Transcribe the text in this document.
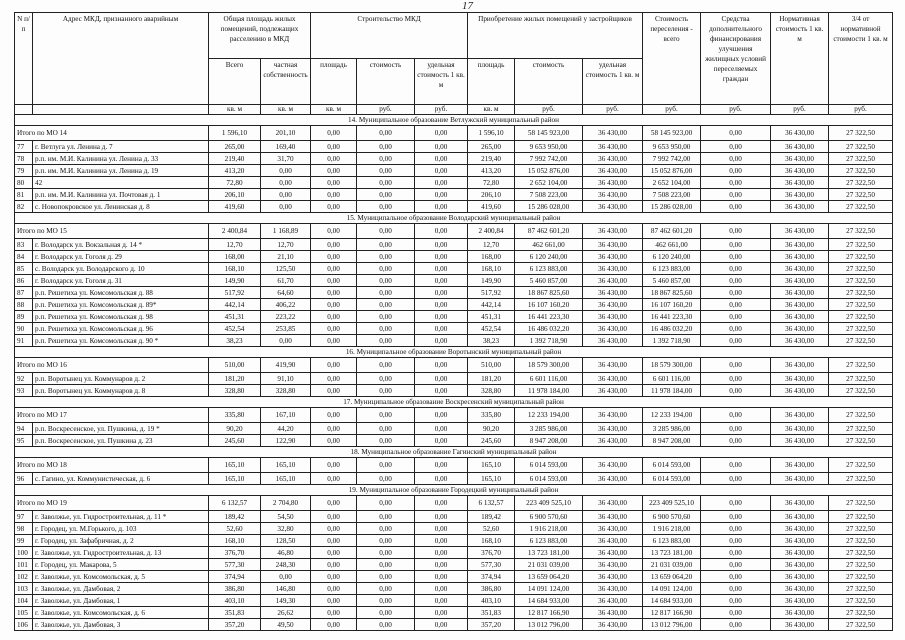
17
N п/п	Адрес МКД, признанного аварийным	Общая площадь жилых помещений, подлежащих расселению в МКД		Строительство МКД			Приобретение жилых помещений у застройщиков			Стоимость переселения - всего	Средства дополнительного финансирования улучшения жилищных условий переселяемых граждан	Нормативная стоимость 1 кв. м	3/4 от нормативной стоимости 1 кв. м
		Всего	частная собственность	площадь	стоимость	удельная стоимость 1 кв. м	площадь	стоимость	удельная стоимость 1 кв. м				
		кв. м	кв. м	кв. м	руб.	руб.	кв. м	руб.	руб.	руб.	руб.	руб.	руб.
14. Муниципальное образование Ветлужский муниципальный район													
Итого по МО 14		1 596,10	201,10	0,00	0,00	0,00	1 596,10	58 145 923,00	36 430,00	58 145 923,00	0,00	36 430,00	27 322,50
77	г. Ветлуга ул. Ленина д. 7	265,00	169,40	0,00	0,00	0,00	265,00	9 653 950,00	36 430,00	9 653 950,00	0,00	36 430,00	27 322,50
78	р.п. им. М.И. Калинина ул. Ленина д. 33	219,40	31,70	0,00	0,00	0,00	219,40	7 992 742,00	36 430,00	7 992 742,00	0,00	36 430,00	27 322,50
79	р.п. им. М.И. Калинина ул. Ленина д. 19	413,20	0,00	0,00	0,00	0,00	413,20	15 052 876,00	36 430,00	15 052 876,00	0,00	36 430,00	27 322,50
80	42	72,80	0,00	0,00	0,00	0,00	72,80	2 652 104,00	36 430,00	2 652 104,00	0,00	36 430,00	27 322,50
81	р.п. им. М.И. Калинина ул. Почтовая д. 1	206,10	0,00	0,00	0,00	0,00	206,10	7 508 223,00	36 430,00	7 508 223,00	0,00	36 430,00	27 322,50
82	с. Новопокровское ул. Ленинская д. 8	419,60	0,00	0,00	0,00	0,00	419,60	15 286 028,00	36 430,00	15 286 028,00	0,00	36 430,00	27 322,50
15. Муниципальное образование Володарский муниципальный район													
Итого по МО 15		2 400,84	1 168,89	0,00	0,00	0,00	2 400,84	87 462 601,20	36 430,00	87 462 601,20	0,00	36 430,00	27 322,50
83	г. Володарск ул. Вокзальная д. 14 *	12,70	12,70	0,00	0,00	0,00	12,70	462 661,00	36 430,00	462 661,00	0,00	36 430,00	27 322,50
84	г. Володарск ул. Гоголя д. 29	168,00	21,10	0,00	0,00	0,00	168,00	6 120 240,00	36 430,00	6 120 240,00	0,00	36 430,00	27 322,50
85	с. Володарск ул. Володарского д. 10	168,10	125,50	0,00	0,00	0,00	168,10	6 123 883,00	36 430,00	6 123 883,00	0,00	36 430,00	27 322,50
86	г. Володарск ул. Гоголя д. 31	149,90	61,70	0,00	0,00	0,00	149,90	5 460 857,00	36 430,00	5 460 857,00	0,00	36 430,00	27 322,50
87	р.п. Решетиха ул. Комсомольская д. 88	517,92	64,60	0,00	0,00	0,00	517,92	18 867 825,60	36 430,00	18 867 825,60	0,00	36 430,00	27 322,50
88	р.п. Решетиха ул. Комсомольская д. 89*	442,14	406,22	0,00	0,00	0,00	442,14	16 107 160,20	36 430,00	16 107 160,20	0,00	36 430,00	27 322,50
89	р.п. Решетиха ул. Комсомольская д. 98	451,31	223,22	0,00	0,00	0,00	451,31	16 441 223,30	36 430,00	16 441 223,30	0,00	36 430,00	27 322,50
90	р.п. Решетиха ул. Комсомольская д. 96	452,54	253,85	0,00	0,00	0,00	452,54	16 486 032,20	36 430,00	16 486 032,20	0,00	36 430,00	27 322,50
91	р.п. Решетиха ул. Комсомольская д. 90 *	38,23	0,00	0,00	0,00	0,00	38,23	1 392 718,90	36 430,00	1 392 718,90	0,00	36 430,00	27 322,50
16. Муниципальное образование Воротынский муниципальный район													
Итого по МО 16		510,00	419,90	0,00	0,00	0,00	510,00	18 579 300,00	36 430,00	18 579 300,00	0,00	36 430,00	27 322,50
92	р.п. Воротынец ул. Коммунаров д. 2	181,20	91,10	0,00	0,00	0,00	181,20	6 601 116,00	36 430,00	6 601 116,00	0,00	36 430,00	27 322,50
93	р.п. Воротынец ул. Коммунаров д. 8	328,80	328,80	0,00	0,00	0,00	328,80	11 978 184,00	36 430,00	11 978 184,00	0,00	36 430,00	27 322,50
17. Муниципальное образование Воскресенский муниципальный район													
Итого по МО 17		335,80	167,10	0,00	0,00	0,00	335,80	12 233 194,00	36 430,00	12 233 194,00	0,00	36 430,00	27 322,50
94	р.п. Воскресенское, ул. Пушкина, д. 19 *	90,20	44,20	0,00	0,00	0,00	90,20	3 285 986,00	36 430,00	3 285 986,00	0,00	36 430,00	27 322,50
95	р.п. Воскресенское, ул. Пушкина д. 23	245,60	122,90	0,00	0,00	0,00	245,60	8 947 208,00	36 430,00	8 947 208,00	0,00	36 430,00	27 322,50
18. Муниципальное образование Гагинский муниципальный район													
Итого по МО 18		165,10	165,10	0,00	0,00	0,00	165,10	6 014 593,00	36 430,00	6 014 593,00	0,00	36 430,00	27 322,50
96	с. Гагино, ул. Коммунистическая, д. 6	165,10	165,10	0,00	0,00	0,00	165,10	6 014 593,00	36 430,00	6 014 593,00	0,00	36 430,00	27 322,50
19. Муниципальное образование Городецкий муниципальный район													
Итого по МО 19		6 132,57	2 704,80	0,00	0,00	0,00	6 132,57	223 409 525,10	36 430,00	223 409 525,10	0,00	36 430,00	27 322,50
97	г. Заволжье, ул. Гидростроительная, д. 11 *	189,42	54,50	0,00	0,00	0,00	189,42	6 900 570,60	36 430,00	6 900 570,60	0,00	36 430,00	27 322,50
98	г. Городец, ул. М.Горького, д. 103	52,60	32,80	0,00	0,00	0,00	52,60	1 916 218,00	36 430,00	1 916 218,00	0,00	36 430,00	27 322,50
99	г. Городец, ул. Зафабричная, д. 2	168,10	128,50	0,00	0,00	0,00	168,10	6 123 883,00	36 430,00	6 123 883,00	0,00	36 430,00	27 322,50
100	г. Заволжье, ул. Гидростроительная, д. 13	376,70	46,80	0,00	0,00	0,00	376,70	13 723 181,00	36 430,00	13 723 181,00	0,00	36 430,00	27 322,50
101	г. Городец, ул. Макарова, 5	577,30	248,30	0,00	0,00	0,00	577,30	21 031 039,00	36 430,00	21 031 039,00	0,00	36 430,00	27 322,50
102	г. Заволжье, ул. Комсомольская, д. 5	374,94	0,00	0,00	0,00	0,00	374,94	13 659 064,20	36 430,00	13 659 064,20	0,00	36 430,00	27 322,50
103	г. Заволжье, ул. Дамбовая, 2	386,80	146,80	0,00	0,00	0,00	386,80	14 091 124,00	36 430,00	14 091 124,00	0,00	36 430,00	27 322,50
104	г. Заволжье, ул. Дамбовая, 1	403,10	149,30	0,00	0,00	0,00	403,10	14 684 933,00	36 430,00	14 684 933,00	0,00	36 430,00	27 322,50
105	г. Заволжье, ул. Комсомольская, д. 6	351,83	26,62	0,00	0,00	0,00	351,83	12 817 166,90	36 430,00	12 817 166,90	0,00	36 430,00	27 322,50
106	г. Заволжье, ул. Дамбовая, 3	357,20	49,50	0,00	0,00	0,00	357,20	13 012 796,00	36 430,00	13 012 796,00	0,00	36 430,00	27 322,50
